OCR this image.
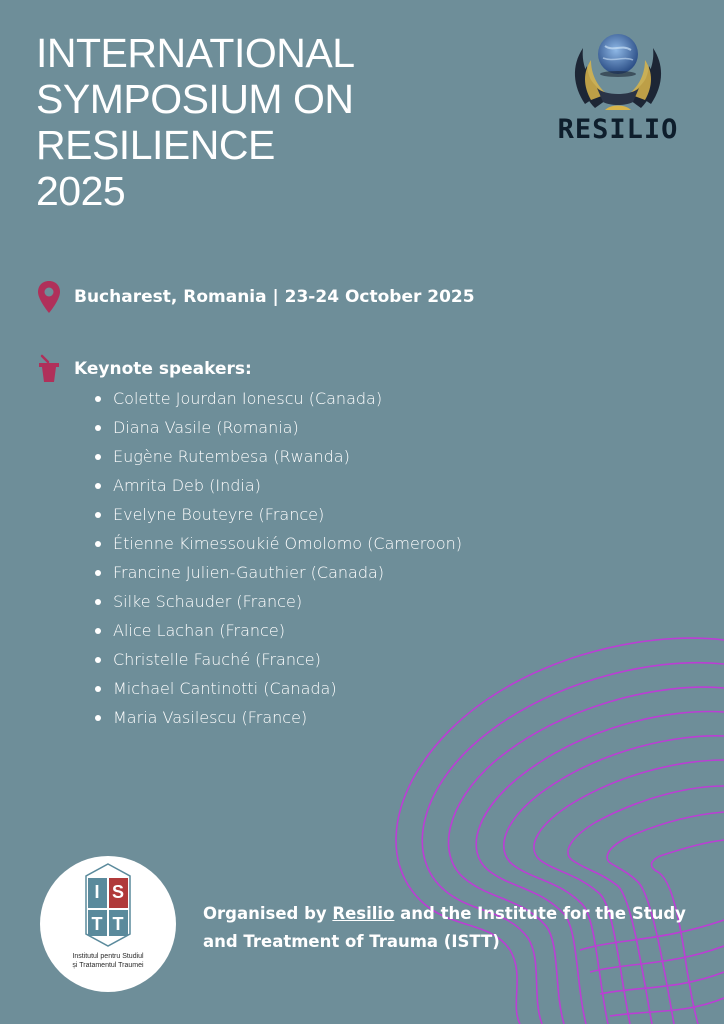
INTERNATIONAL
SYMPOSIUM ON
RESILIENCE
2025
RESILIO
Bucharest, Romania | 23-24 October 2025
Keynote speakers:
Colette Jourdan Ionescu (Canada)
Diana Vasile (Romania)
Eugène Rutembesa (Rwanda)
Amrita Deb (India)
Evelyne Bouteyre (France)
Étienne Kimessoukié Omolomo (Cameroon)
Francine Julien-Gauthier (Canada)
Silke Schauder (France)
Alice Lachan (France)
Christelle Fauché (France)
Michael Cantinotti (Canada)
Maria Vasilescu (France)
I S
T T
Institutul pentru Studiul
și Tratamentul Traumei

Organised by Resilio and the Institute for the Study and Treatment of Trauma (ISTT)
